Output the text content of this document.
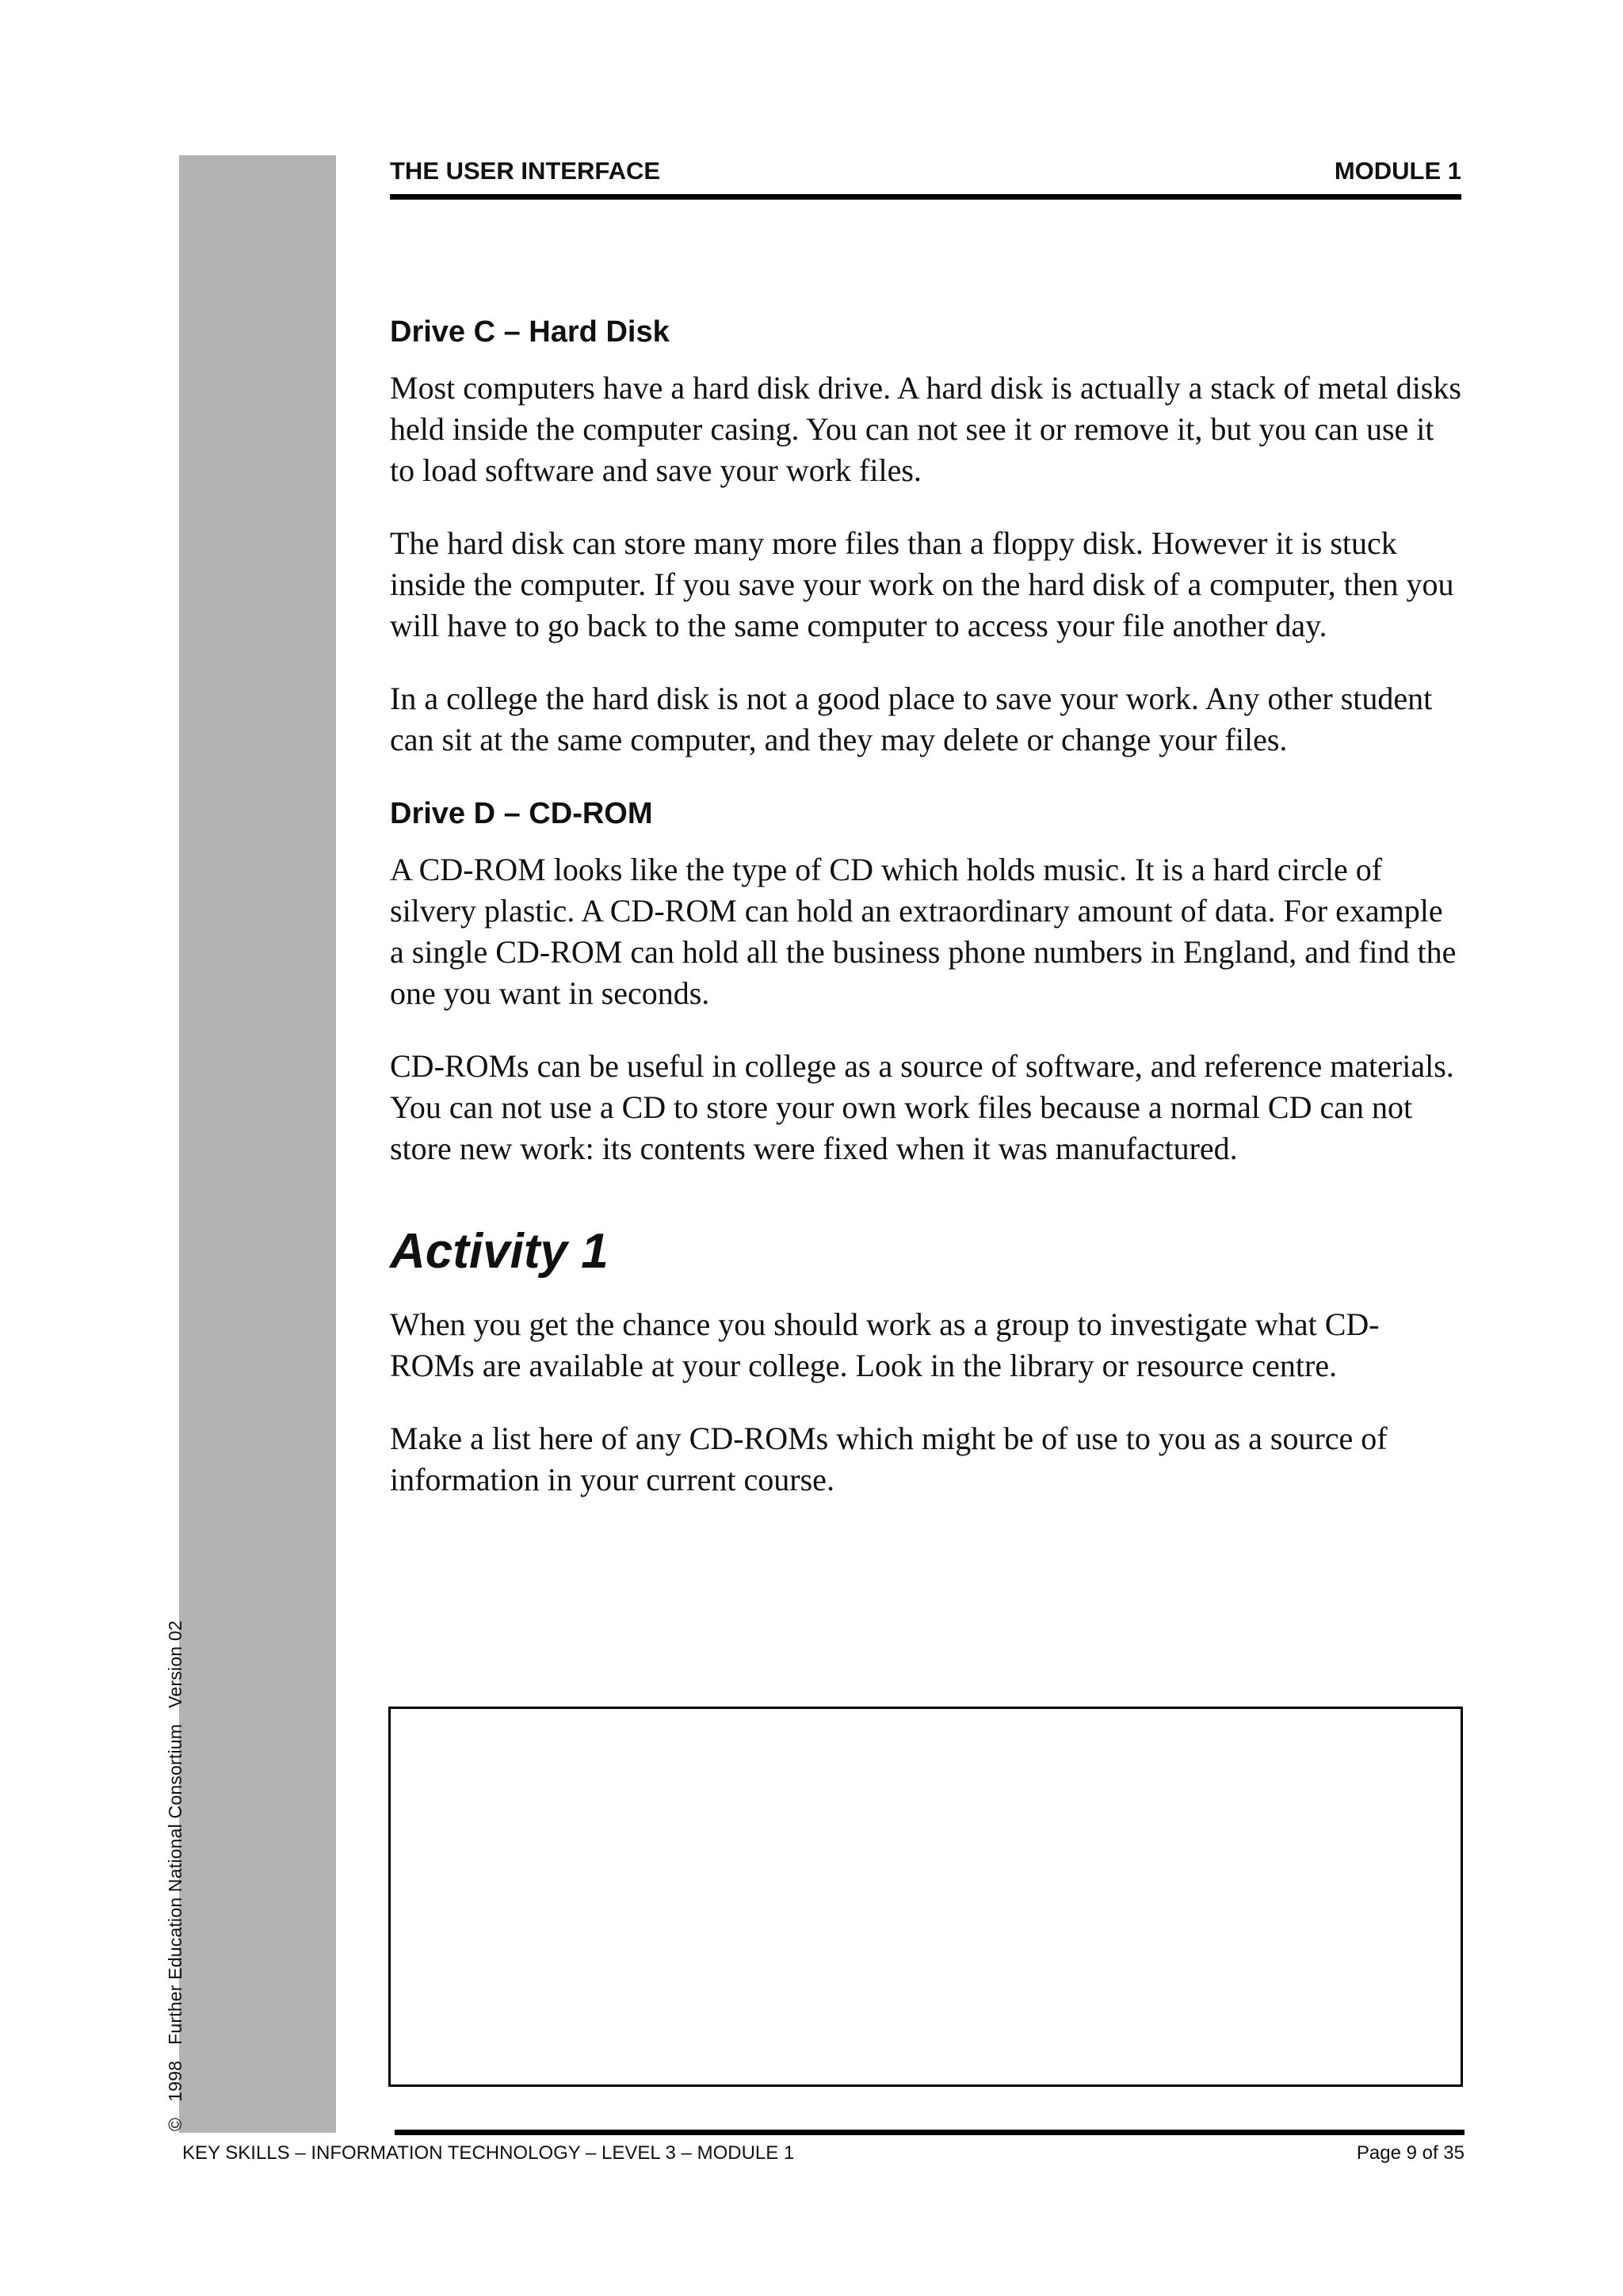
©1998Further Education National ConsortiumVersion 02
THE USER INTERFACE	MODULE 1
Drive C – Hard Disk

Most computers have a hard disk drive. A hard disk is actually a stack of metal disks held inside the computer casing. You can not see it or remove it, but you can use it to load software and save your work files.

The hard disk can store many more files than a floppy disk. However it is stuck inside the computer. If you save your work on the hard disk of a computer, then you will have to go back to the same computer to access your file another day.

In a college the hard disk is not a good place to save your work. Any other student can sit at the same computer, and they may delete or change your files.

Drive D – CD-ROM

A CD-ROM looks like the type of CD which holds music. It is a hard circle of silvery plastic. A CD-ROM can hold an extraordinary amount of data. For example a single CD-ROM can hold all the business phone numbers in England, and find the one you want in seconds.

CD-ROMs can be useful in college as a source of software, and reference materials. You can not use a CD to store your own work files because a normal CD can not store new work: its contents were fixed when it was manufactured.

Activity 1

When you get the chance you should work as a group to investigate what CD-ROMs are available at your college. Look in the library or resource centre.

Make a list here of any CD-ROMs which might be of use to you as a source of information in your current course.

KEY SKILLS – INFORMATION TECHNOLOGY – LEVEL 3 – MODULE 1	Page 9 of 35
